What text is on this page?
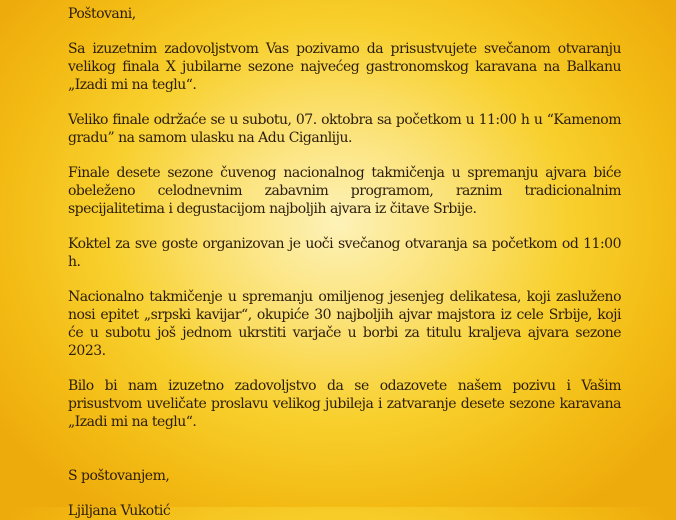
Poštovani,

Sa izuzetnim zadovoljstvom Vas pozivamo da prisustvujete svečanom otvaranju velikog finala X jubilarne sezone najvećeg gastronomskog karavana na Balkanu „Izadi mi na teglu“.

Veliko finale održaće se u subotu, 07. oktobra sa početkom u 11:00 h u “Kamenom gradu” na samom ulasku na Adu Ciganliju.

Finale desete sezone čuvenog nacionalnog takmičenja u spremanju ajvara biće obeleženo celodnevnim zabavnim programom, raznim tradicionalnim specijalitetima i degustacijom najboljih ajvara iz čitave Srbije.

Koktel za sve goste organizovan je uoči svečanog otvaranja sa početkom od 11:00 h.

Nacionalno takmičenje u spremanju omiljenog jesenjeg delikatesa, koji zasluženo nosi epitet „srpski kavijar“, okupiće 30 najboljih ajvar majstora iz cele Srbije, koji će u subotu još jednom ukrstiti varjače u borbi za titulu kraljeva ajvara sezone 2023.

Bilo bi nam izuzetno zadovoljstvo da se odazovete našem pozivu i Vašim prisustvom uveličate proslavu velikog jubileja i zatvaranje desete sezone karavana „Izadi mi na teglu“.

S poštovanjem,

Ljiljana Vukotić
